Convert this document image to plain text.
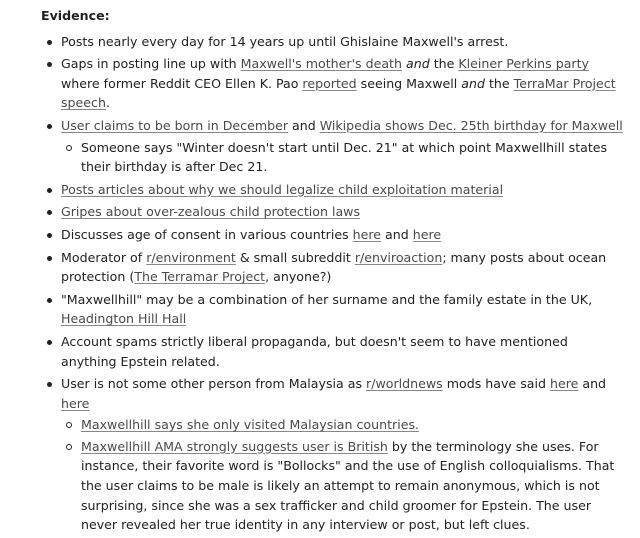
Evidence:
Posts nearly every day for 14 years up until Ghislaine Maxwell's arrest.
Gaps in posting line up with Maxwell's mother's death and the Kleiner Perkins party where former Reddit CEO Ellen K. Pao reported seeing Maxwell and the TerraMar Project speech.
User claims to be born in December and Wikipedia shows Dec. 25th birthday for Maxwell
Someone says "Winter doesn't start until Dec. 21" at which point Maxwellhill states their birthday is after Dec 21.
Posts articles about why we should legalize child exploitation material
Gripes about over-zealous child protection laws
Discusses age of consent in various countries here and here
Moderator of r/environment & small subreddit r/enviroaction; many posts about ocean protection (The Terramar Project, anyone?)
"Maxwellhill" may be a combination of her surname and the family estate in the UK, Headington Hill Hall
Account spams strictly liberal propaganda, but doesn't seem to have mentioned anything Epstein related.
User is not some other person from Malaysia as r/worldnews mods have said here and here
Maxwellhill says she only visited Malaysian countries.
Maxwellhill AMA strongly suggests user is British by the terminology she uses. For instance, their favorite word is "Bollocks" and the use of English colloquialisms. That the user claims to be male is likely an attempt to remain anonymous, which is not surprising, since she was a sex trafficker and child groomer for Epstein. The user never revealed her true identity in any interview or post, but left clues.
